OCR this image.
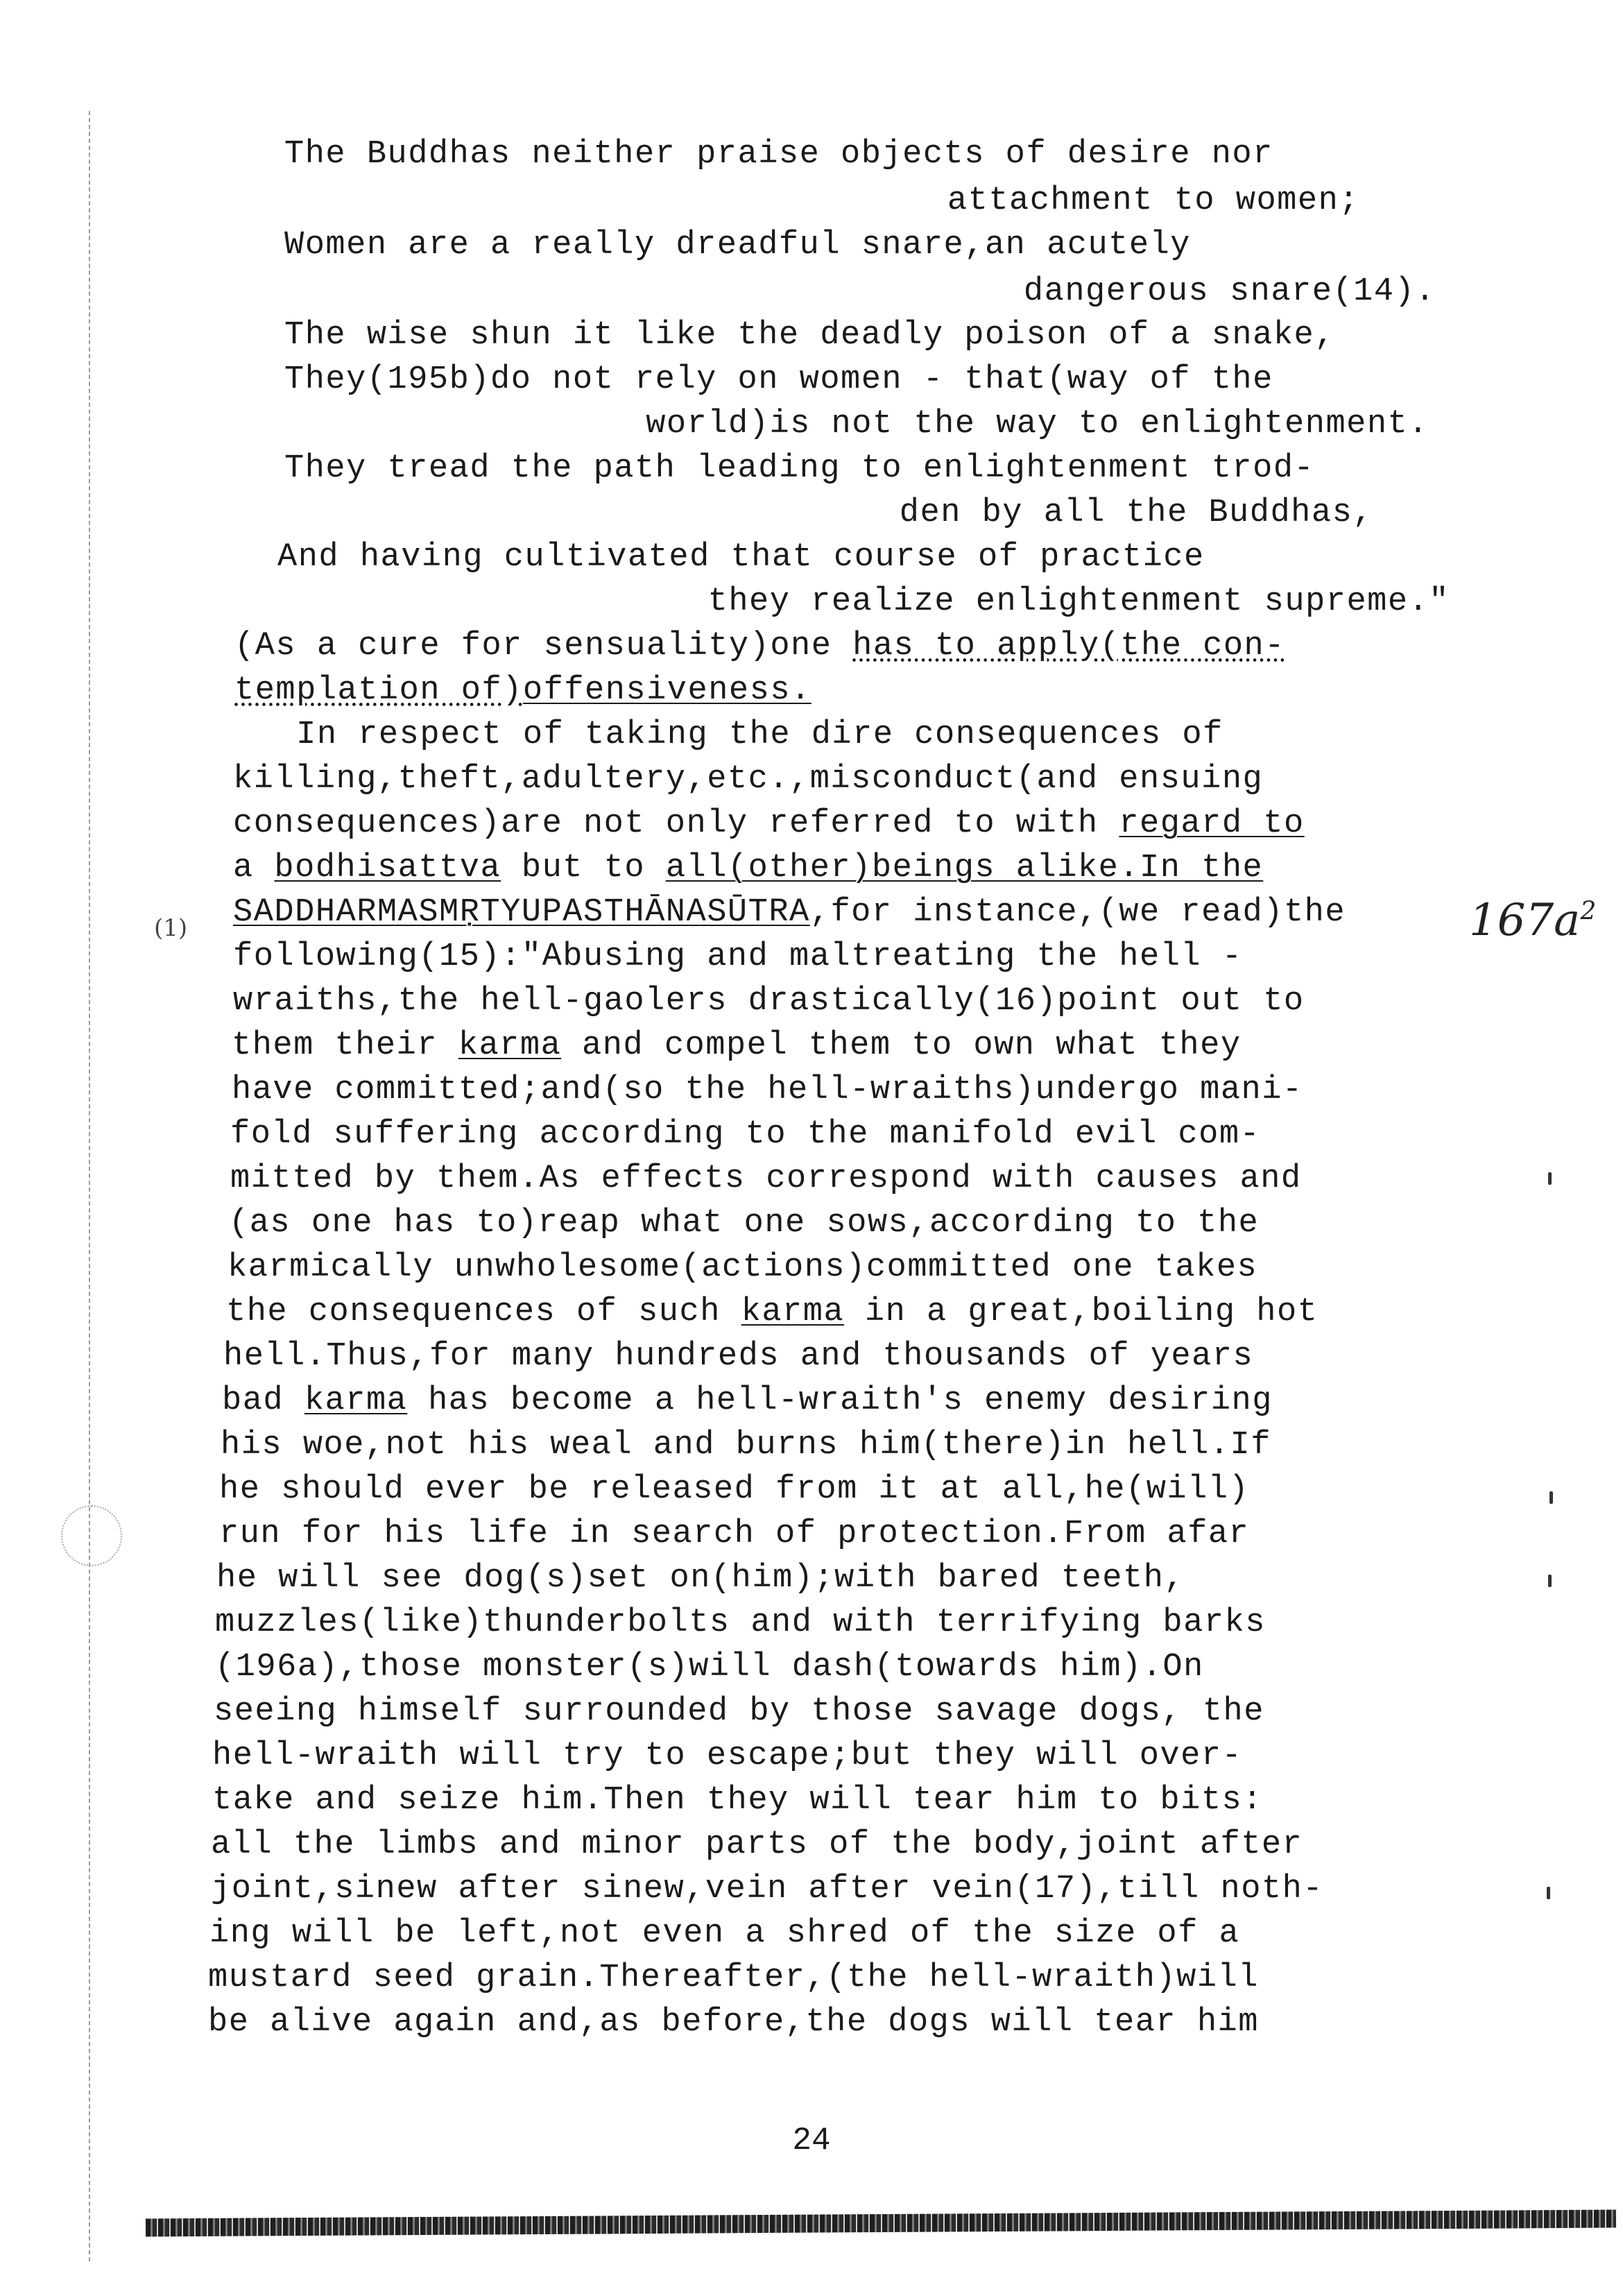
The Buddhas neither praise objects of desire nor
attachment to women;
Women are a really dreadful snare,an acutely
dangerous snare(14).
The wise shun it like the deadly poison of a snake,
They(195b)do not rely on women - that(way of the
world)is not the way to enlightenment.
They tread the path leading to enlightenment trod-
den by all the Buddhas,
And having cultivated that course of practice
they realize enlightenment supreme."
(As a cure for sensuality)one has to apply(the con-
templation of)offensiveness.
In respect of taking the dire consequences of
killing,theft,adultery,etc.,misconduct(and ensuing
consequences)are not only referred to with regard to
a bodhisattva but to all(other)beings alike.In the
SADDHARMASMṚTYUPASTHĀNASŪTRA,for instance,(we read)the
following(15):"Abusing and maltreating the hell -
wraiths,the hell-gaolers drastically(16)point out to
them their karma and compel them to own what they
have committed;and(so the hell-wraiths)undergo mani-
fold suffering according to the manifold evil com-
mitted by them.As effects correspond with causes and
(as one has to)reap what one sows,according to the
karmically unwholesome(actions)committed one takes
the consequences of such karma in a great,boiling hot
hell.Thus,for many hundreds and thousands of years
bad karma has become a hell-wraith's enemy desiring
his woe,not his weal and burns him(there)in hell.If
he should ever be released from it at all,he(will)
run for his life in search of protection.From afar
he will see dog(s)set on(him);with bared teeth,
muzzles(like)thunderbolts and with terrifying barks
(196a),those monster(s)will dash(towards him).On
seeing himself surrounded by those savage dogs, the
hell-wraith will try to escape;but they will over-
take and seize him.Then they will tear him to bits:
all the limbs and minor parts of the body,joint after
joint,sinew after sinew,vein after vein(17),till noth-
ing will be left,not even a shred of the size of a
mustard seed grain.Thereafter,(the hell-wraith)will
be alive again and,as before,the dogs will tear him
(1)	$167a^2$
24
